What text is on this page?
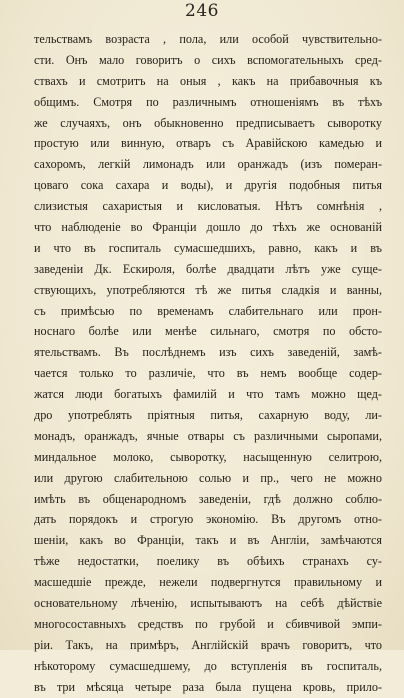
246
тельствамъ возраста , пола, или особой чувствительно-
сти. Онъ мало говоритъ о сихъ вспомогательныхъ сред-
ствахъ и смотритъ на оныя , какъ на прибавочныя къ
общимъ. Смотря по различнымъ отношенiямъ въ тѣхъ
же случаяхъ, онъ обыкновенно предписываетъ сыворотку
простую или винную, отваръ съ Аравiйскою камедью и
сахоромъ, легкiй лимонадъ или оранжадъ (изъ померан-
цоваго сока сахара и воды), и другiя подобныя питья
слизистыя сахаристыя и кисловатыя. Нѣтъ сомнѣнiя ,
что наблюденiе во Францiи дошло до тѣхъ же основанiй
и что въ госпиталь сумасшедшихъ, равно, какъ и въ
заведенiи Дк. Ескироля, болѣе двадцати лѣтъ уже суще-
ствующихъ, употребляются тѣ же питья сладкiя и ванны,
съ примѣсью по временамъ слабительнаго или прон-
носнаго болѣе или менѣе сильнаго, смотря по обсто-
ятельствамъ. Въ послѣднемъ изъ сихъ заведенiй, замѣ-
чается только то различiе, что въ немъ вообще содер-
жатся люди богатыхъ фамилiй и что тамъ можно щед-
дро употреблять прiятныя питья, сахарную воду, ли-
монадъ, оранжадъ, ячные отвары съ различными сыропами,
миндальное молоко, сыворотку, насыщенную селитрою,
или другою слабительною солью и пр., чего не можно
имѣть въ общенародномъ заведенiи, гдѣ должно соблю-
дать порядокъ и строгую экономiю. Въ другомъ отно-
шенiи, какъ во Францiи, такъ и въ Англiи, замѣчаются
тѣже недостатки, поелику въ обѣихъ странахъ су-
масшедшiе прежде, нежели подвергнутся правильному и
основательному лѣченiю, испытываютъ на себѣ дѣйствiе
многосоставныхъ средствъ по грубой и сбивчивой эмпи-
рiи. Такъ, на примѣръ, Англiйскiй врачъ говоритъ, что
нѣкоторому сумасшедшему, до вступленiя въ госпиталь,
въ три мѣсяца четыре раза была пущена кровь, прило-
